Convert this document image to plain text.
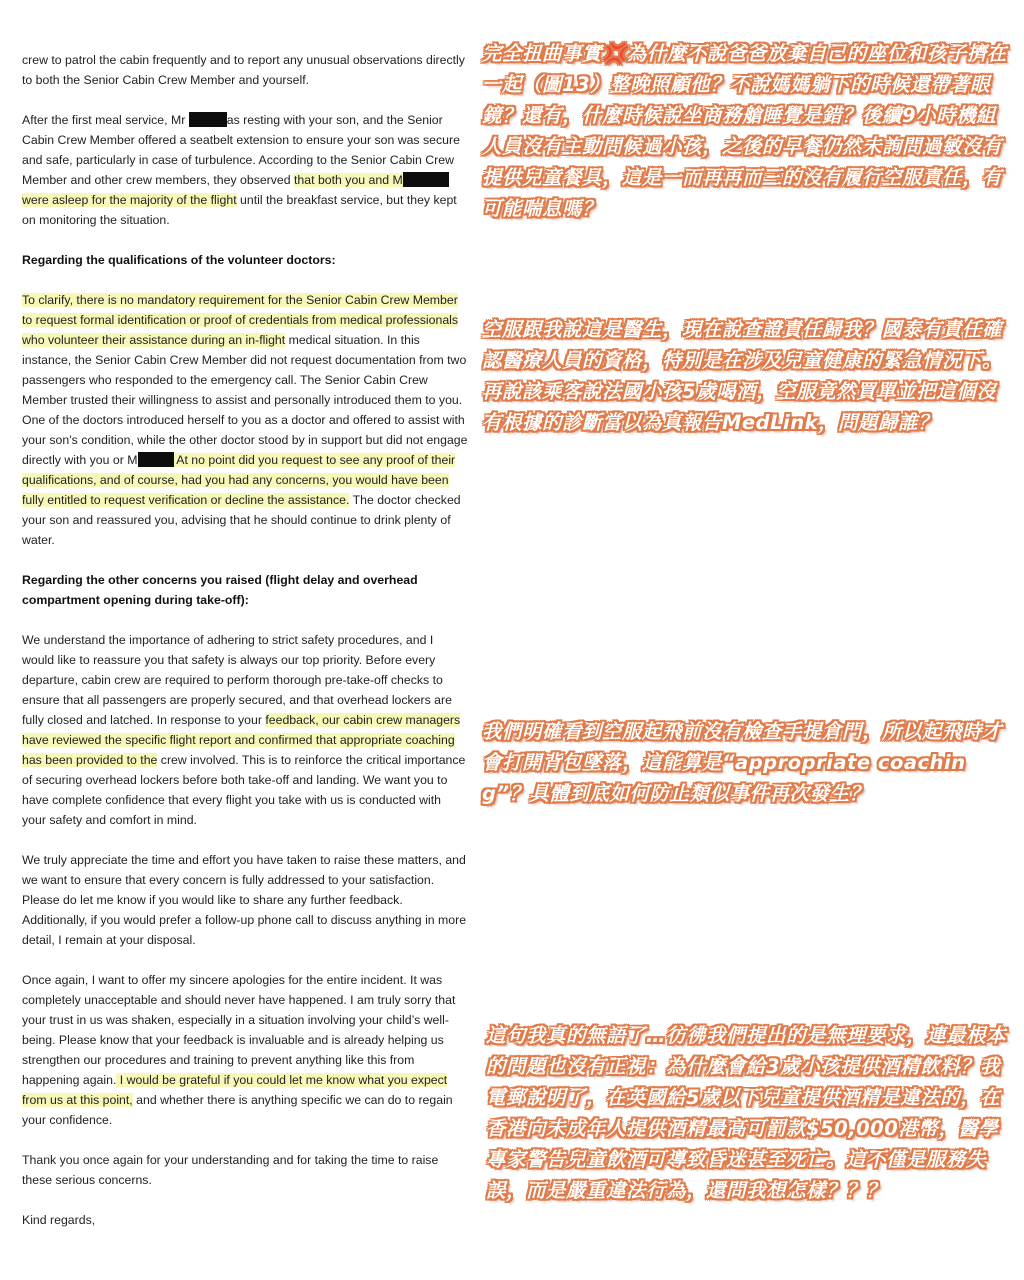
crew to patrol the cabin frequently and to report any unusual observations directly to both the Senior Cabin Crew Member and yourself.

After the first meal service, Mr	as resting with your son, and the Senior Cabin Crew Member offered a seatbelt extension to ensure your son was secure and safe, particularly in case of turbulence. According to the Senior Cabin Crew Member and other crew members, they observed that both you and Mwere asleep for the majority of the flight until the breakfast service, but they kept on monitoring the situation.

Regarding the qualifications of the volunteer doctors:

To clarify, there is no mandatory requirement for the Senior Cabin Crew Member to request formal identification or proof of credentials from medical professionals who volunteer their assistance during an in-flight medical situation. In this instance, the Senior Cabin Crew Member did not request documentation from two passengers who responded to the emergency call. The Senior Cabin Crew Member trusted their willingness to assist and personally introduced them to you. One of the doctors introduced herself to you as a doctor and offered to assist with your son’s condition, while the other doctor stood by in support but did not engage directly with you or M	At no point did you request to see any proof of their qualifications, and of course, had you had any concerns, you would have been fully entitled to request verification or decline the assistance. The doctor checked your son and reassured you, advising that he should continue to drink plenty of water.

Regarding the other concerns you raised (flight delay and overhead compartment opening during take-off):

We understand the importance of adhering to strict safety procedures, and I would like to reassure you that safety is always our top priority. Before every departure, cabin crew are required to perform thorough pre-take-off checks to ensure that all passengers are properly secured, and that overhead lockers are fully closed and latched. In response to your feedback, our cabin crew managers have reviewed the specific flight report and confirmed that appropriate coaching has been provided to the crew involved. This is to reinforce the critical importance of securing overhead lockers before both take-off and landing. We want you to have complete confidence that every flight you take with us is conducted with your safety and comfort in mind.

We truly appreciate the time and effort you have taken to raise these matters, and we want to ensure that every concern is fully addressed to your satisfaction. Please do let me know if you would like to share any further feedback. Additionally, if you would prefer a follow-up phone call to discuss anything in more detail, I remain at your disposal.

Once again, I want to offer my sincere apologies for the entire incident. It was completely unacceptable and should never have happened. I am truly sorry that your trust in us was shaken, especially in a situation involving your child’s well-being. Please know that your feedback is invaluable and is already helping us strengthen our procedures and training to prevent anything like this from happening again. I would be grateful if you could let me know what you expect from us at this point, and whether there is anything specific we can do to regain your confidence.

Thank you once again for your understanding and for taking the time to raise these serious concerns.

Kind regards,

完全扭曲事實💢為什麼不說爸爸放棄自己的座位和孩子擠在一起（圖13）整晚照顧他？不說媽媽躺下的時候還帶著眼鏡？還有，什麼時候說坐商務艙睡覺是錯？後續9小時機組人員沒有主動問候過小孩，之後的早餐仍然未詢問過敏沒有提供兒童餐具，這是一而再再而三的沒有履行空服責任，有可能喘息嗎？
空服跟我說這是醫生，現在說查證責任歸我？國泰有責任確認醫療人員的資格，特別是在涉及兒童健康的緊急情況下。再說該乘客說法國小孩5歲喝酒，空服竟然買單並把這個沒有根據的診斷當以為真報告MedLink，問題歸誰？
我們明確看到空服起飛前沒有檢查手提倉門，所以起飛時才會打開背包墜落，這能算是“appropriate coaching”？具體到底如何防止類似事件再次發生？
這句我真的無語了…彷彿我們提出的是無理要求，連最根本的問題也沒有正視：為什麼會給3歲小孩提供酒精飲料？我電郵說明了，在英國給5歲以下兒童提供酒精是違法的，在香港向未成年人提供酒精最高可罰款$50,000港幣，醫學專家警告兒童飲酒可導致昏迷甚至死亡。這不僅是服務失誤，而是嚴重違法行為，還問我想怎樣？？？
